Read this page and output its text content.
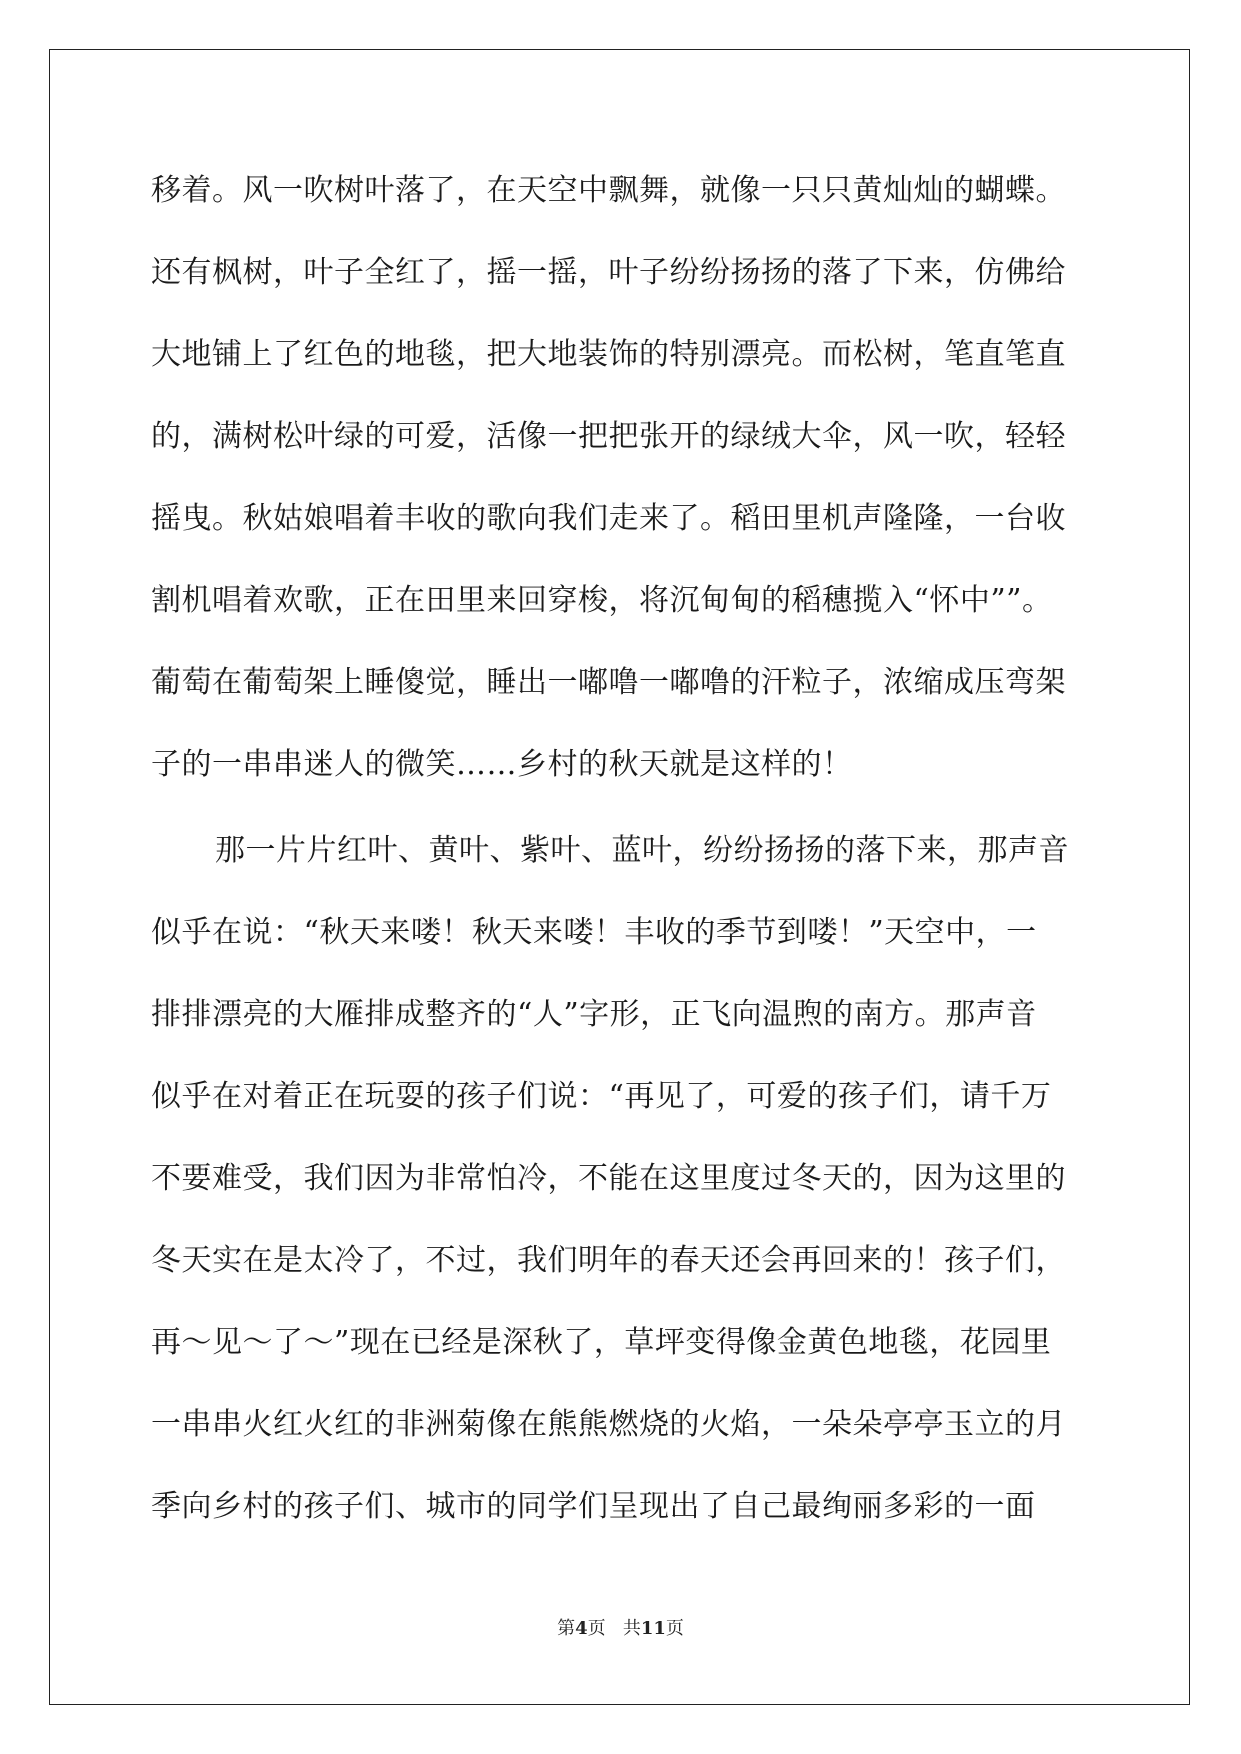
移着。风一吹树叶落了，在天空中飘舞，就像一只只黄灿灿的蝴蝶。
还有枫树，叶子全红了，摇一摇，叶子纷纷扬扬的落了下来，仿佛给
大地铺上了红色的地毯，把大地装饰的特别漂亮。而松树，笔直笔直
的，满树松叶绿的可爱，活像一把把张开的绿绒大伞，风一吹，轻轻
摇曳。秋姑娘唱着丰收的歌向我们走来了。稻田里机声隆隆，一台收
割机唱着欢歌，正在田里来回穿梭，将沉甸甸的稻穗揽入“怀中””。
葡萄在葡萄架上睡傻觉，睡出一嘟噜一嘟噜的汗粒子，浓缩成压弯架
子的一串串迷人的微笑……乡村的秋天就是这样的！
那一片片红叶、黄叶、紫叶、蓝叶，纷纷扬扬的落下来，那声音
似乎在说：“秋天来喽！秋天来喽！丰收的季节到喽！”天空中，一
排排漂亮的大雁排成整齐的“人”字形，正飞向温煦的南方。那声音
似乎在对着正在玩耍的孩子们说：“再见了，可爱的孩子们，请千万
不要难受，我们因为非常怕冷，不能在这里度过冬天的，因为这里的
冬天实在是太冷了，不过，我们明年的春天还会再回来的！孩子们，
再～见～了～”现在已经是深秋了，草坪变得像金黄色地毯，花园里
一串串火红火红的非洲菊像在熊熊燃烧的火焰，一朵朵亭亭玉立的月
季向乡村的孩子们、城市的同学们呈现出了自己最绚丽多彩的一面
第4页 共11页
